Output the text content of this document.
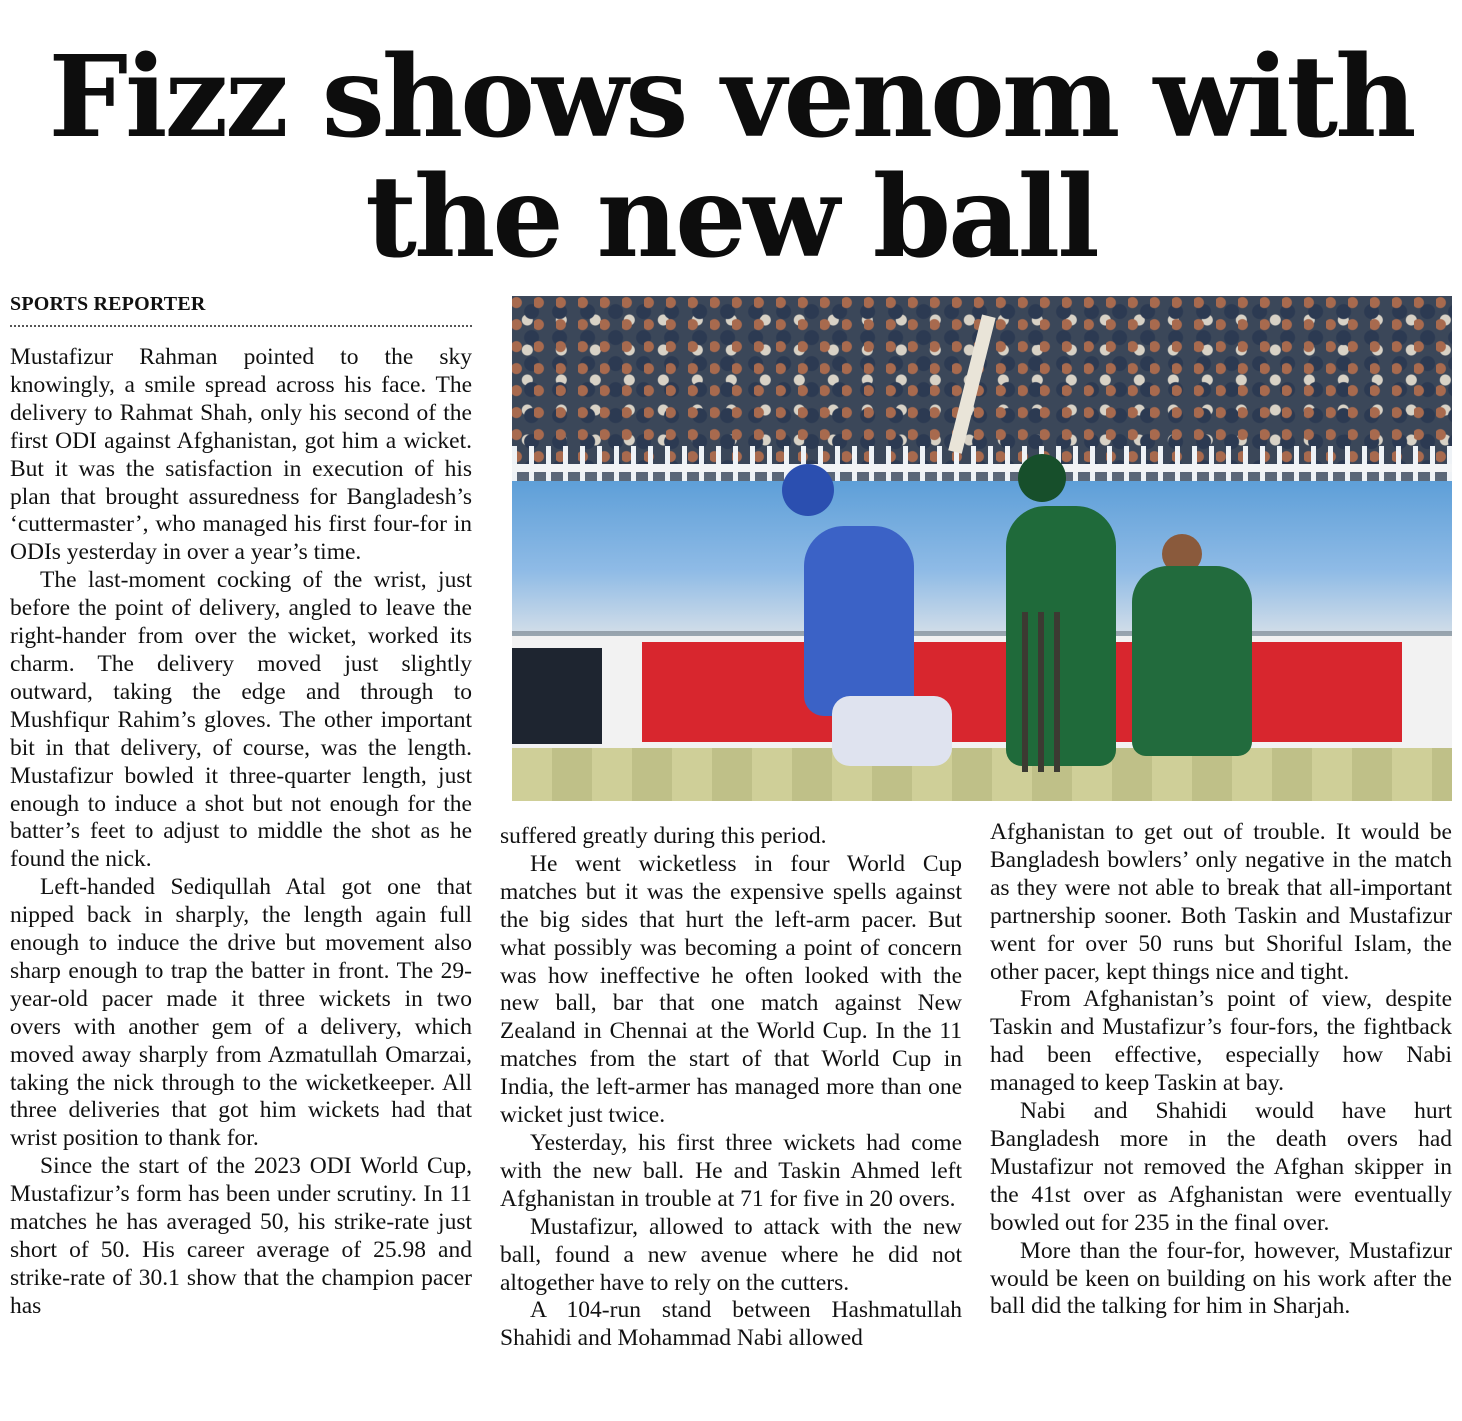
Fizz shows venom with
the new ball
SPORTS REPORTER

Mustafizur Rahman pointed to the sky knowingly, a smile spread across his face. The delivery to Rahmat Shah, only his second of the first ODI against Afghanistan, got him a wicket. But it was the satisfaction in execution of his plan that brought assuredness for Bangladesh’s ‘cuttermaster’, who managed his first four-for in ODIs yesterday in over a year’s time.

The last-moment cocking of the wrist, just before the point of delivery, angled to leave the right-hander from over the wicket, worked its charm. The delivery moved just slightly outward, taking the edge and through to Mushfiqur Rahim’s gloves. The other important bit in that delivery, of course, was the length. Mustafizur bowled it three-quarter length, just enough to induce a shot but not enough for the batter’s feet to adjust to middle the shot as he found the nick.

Left-handed Sediqullah Atal got one that nipped back in sharply, the length again full enough to induce the drive but movement also sharp enough to trap the batter in front. The 29-year-old pacer made it three wickets in two overs with another gem of a delivery, which moved away sharply from Azmatullah Omarzai, taking the nick through to the wicketkeeper. All three deliveries that got him wickets had that wrist position to thank for.

Since the start of the 2023 ODI World Cup, Mustafizur’s form has been under scrutiny. In 11 matches he has averaged 50, his strike-rate just short of 50. His career average of 25.98 and strike-rate of 30.1 show that the champion pacer has

suffered greatly during this period.

He went wicketless in four World Cup matches but it was the expensive spells against the big sides that hurt the left-arm pacer. But what possibly was becoming a point of concern was how ineffective he often looked with the new ball, bar that one match against New Zealand in Chennai at the World Cup. In the 11 matches from the start of that World Cup in India, the left-armer has managed more than one wicket just twice.

Yesterday, his first three wickets had come with the new ball. He and Taskin Ahmed left Afghanistan in trouble at 71 for five in 20 overs.

Mustafizur, allowed to attack with the new ball, found a new avenue where he did not altogether have to rely on the cutters.

A 104-run stand between Hashmatullah Shahidi and Mohammad Nabi allowed

Afghanistan to get out of trouble. It would be Bangladesh bowlers’ only negative in the match as they were not able to break that all-important partnership sooner. Both Taskin and Mustafizur went for over 50 runs but Shoriful Islam, the other pacer, kept things nice and tight.

From Afghanistan’s point of view, despite Taskin and Mustafizur’s four-fors, the fightback had been effective, especially how Nabi managed to keep Taskin at bay.

Nabi and Shahidi would have hurt Bangladesh more in the death overs had Mustafizur not removed the Afghan skipper in the 41st over as Afghanistan were eventually bowled out for 235 in the final over.

More than the four-for, however, Mustafizur would be keen on building on his work after the ball did the talking for him in Sharjah.
